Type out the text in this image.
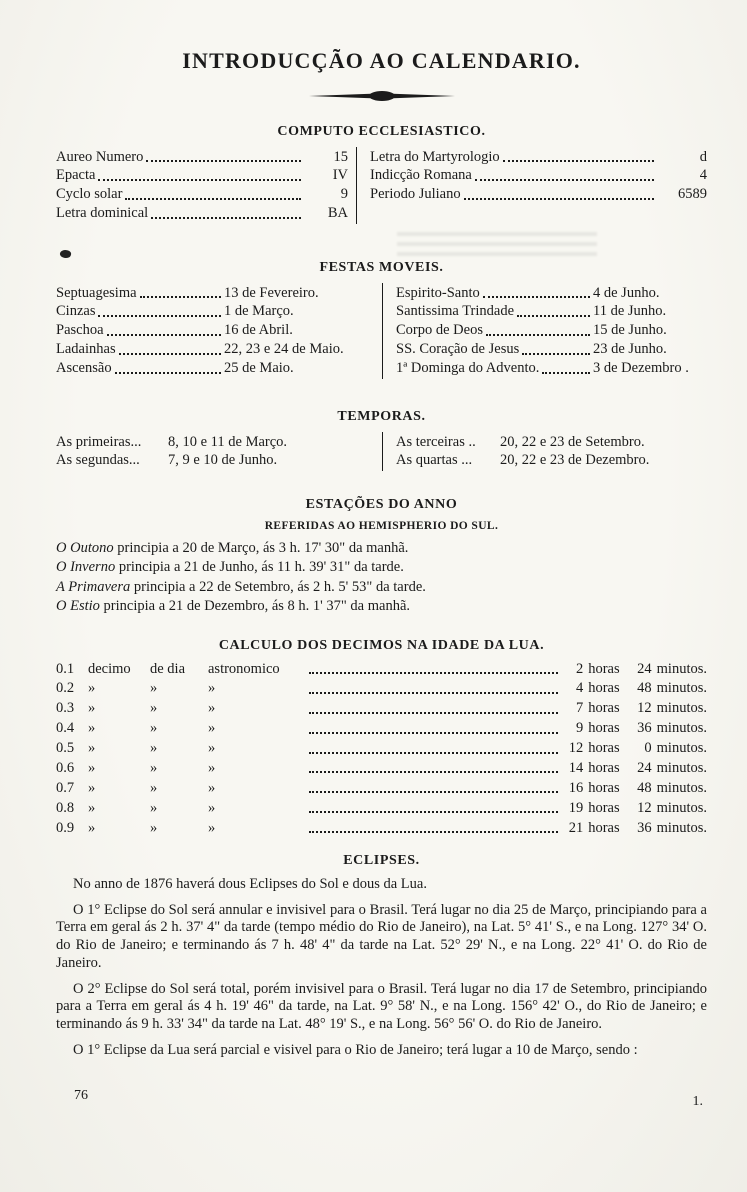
INTRODUCÇÃO AO CALENDARIO.
COMPUTO ECCLESIASTICO.
Aureo Numero	15
Epacta	IV
Cyclo solar	9
Letra dominical	BA
Letra do Martyrologio	d
Indicção Romana	4
Periodo Juliano	6589
FESTAS MOVEIS.
Septuagesima	13 de Fevereiro.
Cinzas	1 de Março.
Paschoa	16 de Abril.
Ladainhas	22, 23 e 24 de Maio.
Ascensão	25 de Maio.
Espirito-Santo	4 de Junho.
Santissima Trindade	11 de Junho.
Corpo de Deos	15 de Junho.
SS. Coração de Jesus	23 de Junho.
1ª Dominga do Advento.	3 de Dezembro .
TEMPORAS.
As primeiras...	8, 10 e 11 de Março.
As segundas...	7, 9 e 10 de Junho.
As terceiras ..	20, 22 e 23 de Setembro.
As quartas ...	20, 22 e 23 de Dezembro.
ESTAÇÕES DO ANNO
REFERIDAS AO HEMISPHERIO DO SUL.
O Outono principia a 20 de Março, ás 3 h. 17' 30" da manhã.
O Inverno principia a 21 de Junho, ás 11 h. 39' 31" da tarde.
A Primavera principia a 22 de Setembro, ás 2 h. 5' 53" da tarde.
O Estio principia a 21 de Dezembro, ás 8 h. 1' 37" da manhã.
CALCULO DOS DECIMOS NA IDADE DA LUA.
0.1 decimo	de dia	astronomico	2 horas	24 minutos.
0.2 »	»	»	4 horas	48 minutos.
0.3 »	»	»	7 horas	12 minutos.
0.4 »	»	»	9 horas	36 minutos.
0.5 »	»	»	12 horas	0 minutos.
0.6 »	»	»	14 horas	24 minutos.
0.7 »	»	»	16 horas	48 minutos.
0.8 »	»	»	19 horas	12 minutos.
0.9 »	»	»	21 horas	36 minutos.
ECLIPSES.

No anno de 1876 haverá dous Eclipses do Sol e dous da Lua.

O 1° Eclipse do Sol será annular e invisivel para o Brasil. Terá lugar no dia 25 de Março, principiando para a Terra em geral ás 2 h. 37' 4" da tarde (tempo médio do Rio de Janeiro), na Lat. 5° 41' S., e na Long. 127° 34' O. do Rio de Janeiro; e terminando ás 7 h. 48' 4" da tarde na Lat. 52° 29' N., e na Long. 22° 41' O. do Rio de Janeiro.

O 2° Eclipse do Sol será total, porém invisivel para o Brasil. Terá lugar no dia 17 de Setembro, principiando para a Terra em geral ás 4 h. 19' 46" da tarde, na Lat. 9° 58' N., e na Long. 156° 42' O., do Rio de Janeiro; e terminando ás 9 h. 33' 34" da tarde na Lat. 48° 19' S., e na Long. 56° 56' O. do Rio de Janeiro.

O 1° Eclipse da Lua será parcial e visivel para o Rio de Janeiro; terá lugar a 10 de Março, sendo :

76	1.
